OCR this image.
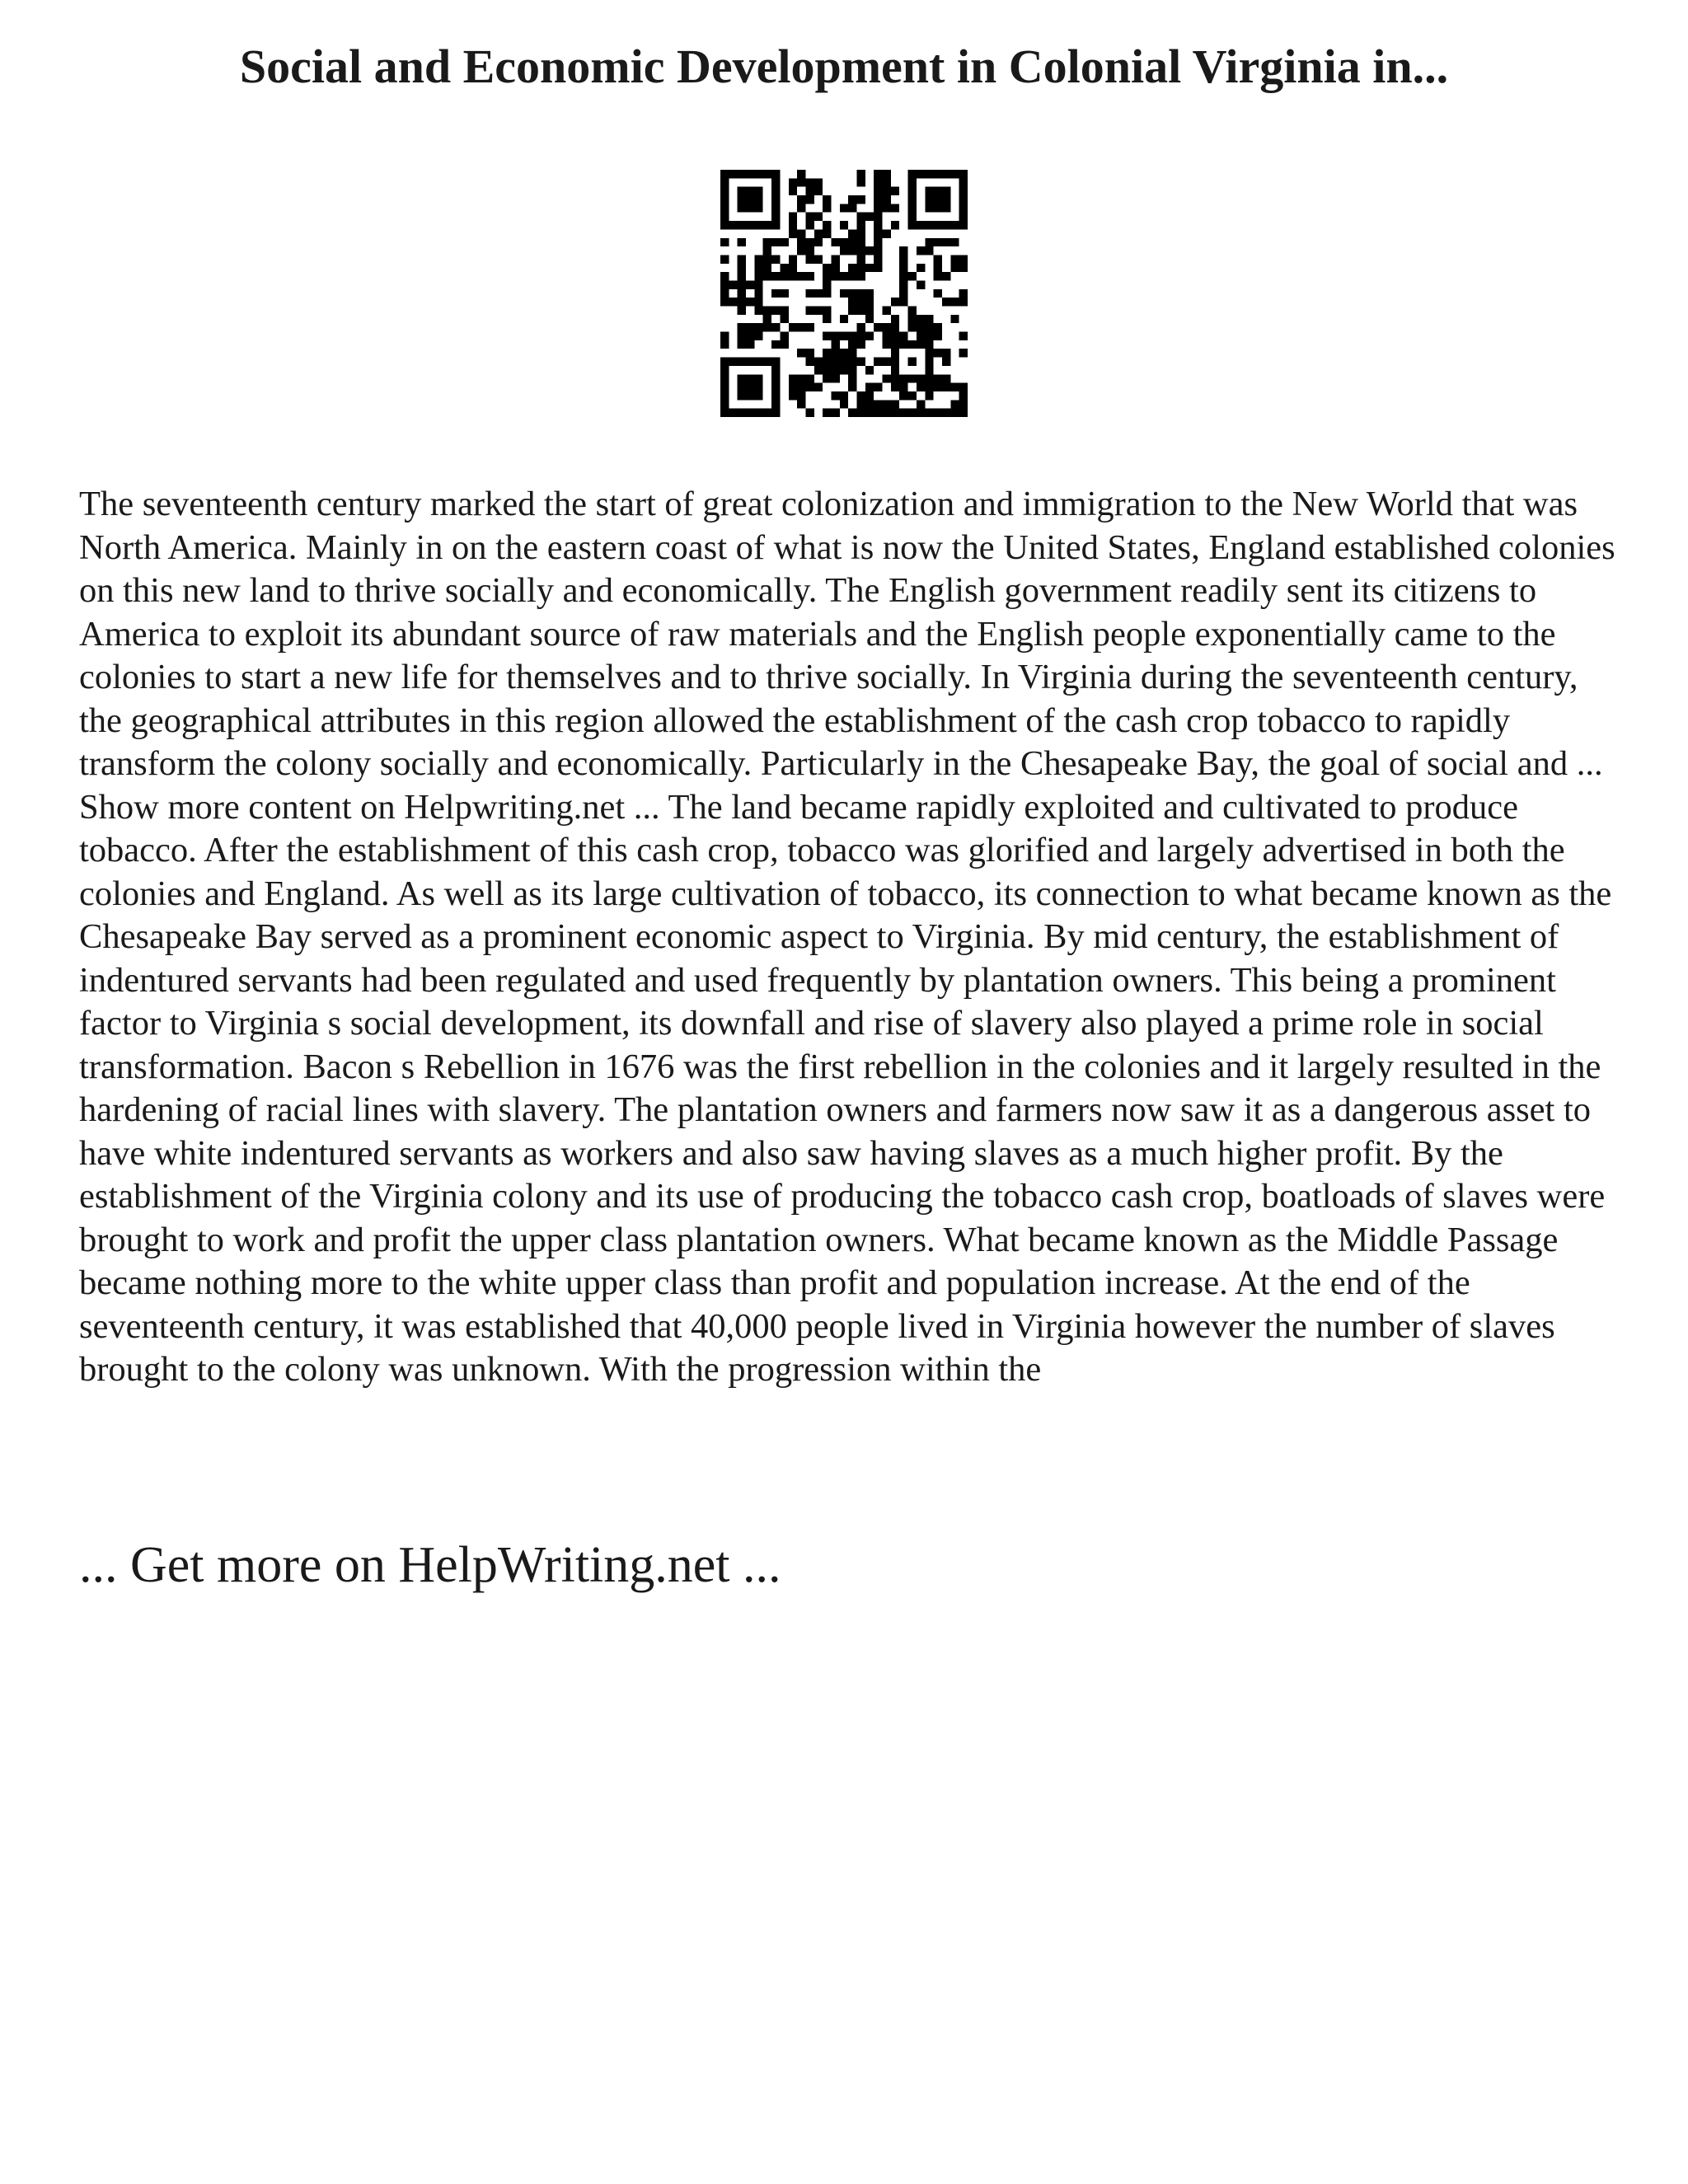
Social and Economic Development in Colonial Virginia in...

The seventeenth century marked the start of great colonization and immigration to the New World that was North America. Mainly in on the eastern coast of what is now the United States, England established colonies on this new land to thrive socially and economically. The English government readily sent its citizens to America to exploit its abundant source of raw materials and the English people exponentially came to the colonies to start a new life for themselves and to thrive socially. In Virginia during the seventeenth century, the geographical attributes in this region allowed the establishment of the cash crop tobacco to rapidly transform the colony socially and economically. Particularly in the Chesapeake Bay, the goal of social and ... Show more content on Helpwriting.net ... The land became rapidly exploited and cultivated to produce tobacco. After the establishment of this cash crop, tobacco was glorified and largely advertised in both the colonies and England. As well as its large cultivation of tobacco, its connection to what became known as the Chesapeake Bay served as a prominent economic aspect to Virginia. By mid century, the establishment of indentured servants had been regulated and used frequently by plantation owners. This being a prominent factor to Virginia s social development, its downfall and rise of slavery also played a prime role in social transformation. Bacon s Rebellion in 1676 was the first rebellion in the colonies and it largely resulted in the hardening of racial lines with slavery. The plantation owners and farmers now saw it as a dangerous asset to have white indentured servants as workers and also saw having slaves as a much higher profit. By the establishment of the Virginia colony and its use of producing the tobacco cash crop, boatloads of slaves were brought to work and profit the upper class plantation owners. What became known as the Middle Passage became nothing more to the white upper class than profit and population increase. At the end of the seventeenth century, it was established that 40,000 people lived in Virginia however the number of slaves brought to the colony was unknown. With the progression within the

... Get more on HelpWriting.net ...
